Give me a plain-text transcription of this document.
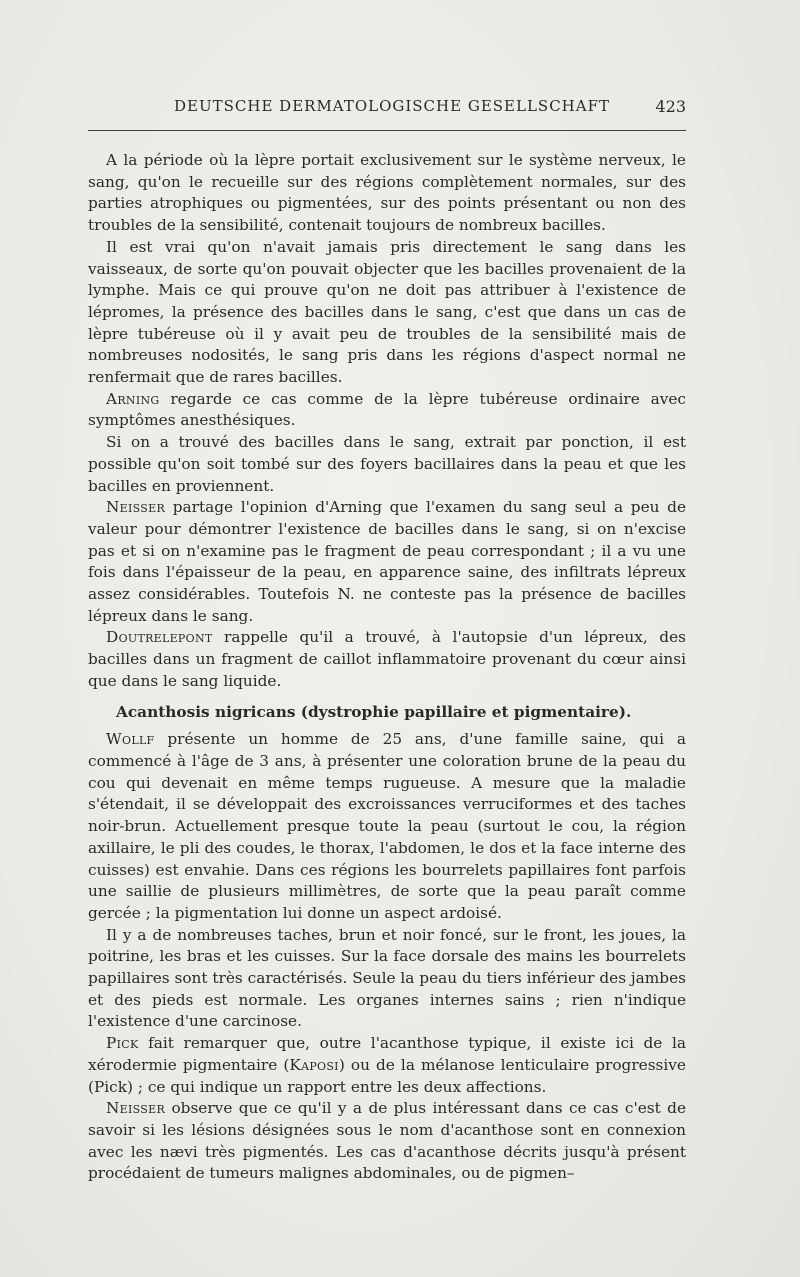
DEUTSCHE DERMATOLOGISCHE GESELLSCHAFT	423

A la période où la lèpre portait exclusivement sur le système nerveux, le sang, qu'on le recueille sur des régions complètement normales, sur des parties atrophiques ou pigmentées, sur des points présentant ou non des troubles de la sensibilité, contenait toujours de nombreux bacilles.

Il est vrai qu'on n'avait jamais pris directement le sang dans les vaisseaux, de sorte qu'on pouvait objecter que les bacilles provenaient de la lymphe. Mais ce qui prouve qu'on ne doit pas attribuer à l'existence de lépromes, la présence des bacilles dans le sang, c'est que dans un cas de lèpre tubéreuse où il y avait peu de troubles de la sensibilité mais de nombreuses nodosités, le sang pris dans les régions d'aspect normal ne renfermait que de rares bacilles.

Arning regarde ce cas comme de la lèpre tubéreuse ordinaire avec symptômes anesthésiques.

Si on a trouvé des bacilles dans le sang, extrait par ponction, il est possible qu'on soit tombé sur des foyers bacillaires dans la peau et que les bacilles en proviennent.

Neisser partage l'opinion d'Arning que l'examen du sang seul a peu de valeur pour démontrer l'existence de bacilles dans le sang, si on n'excise pas et si on n'examine pas le fragment de peau correspondant ; il a vu une fois dans l'épaisseur de la peau, en apparence saine, des infiltrats lépreux assez considérables. Toutefois N. ne conteste pas la présence de bacilles lépreux dans le sang.

Doutrelepont rappelle qu'il a trouvé, à l'autopsie d'un lépreux, des bacilles dans un fragment de caillot inflammatoire provenant du cœur ainsi que dans le sang liquide.

Acanthosis nigricans (dystrophie papillaire et pigmentaire).

Wollf présente un homme de 25 ans, d'une famille saine, qui a commencé à l'âge de 3 ans, à présenter une coloration brune de la peau du cou qui devenait en même temps rugueuse. A mesure que la maladie s'étendait, il se développait des excroissances verruciformes et des taches noir-brun. Actuellement presque toute la peau (surtout le cou, la région axillaire, le pli des coudes, le thorax, l'abdomen, le dos et la face interne des cuisses) est envahie. Dans ces régions les bourrelets papillaires font parfois une saillie de plusieurs millimètres, de sorte que la peau paraît comme gercée ; la pigmentation lui donne un aspect ardoisé.

Il y a de nombreuses taches, brun et noir foncé, sur le front, les joues, la poitrine, les bras et les cuisses. Sur la face dorsale des mains les bourrelets papillaires sont très caractérisés. Seule la peau du tiers inférieur des jambes et des pieds est normale. Les organes internes sains ; rien n'indique l'existence d'une carcinose.

Pick fait remarquer que, outre l'acanthose typique, il existe ici de la xérodermie pigmentaire (Kaposi) ou de la mélanose lenticulaire progressive (Pick) ; ce qui indique un rapport entre les deux affections.

Neisser observe que ce qu'il y a de plus intéressant dans ce cas c'est de savoir si les lésions désignées sous le nom d'acanthose sont en connexion avec les nævi très pigmentés. Les cas d'acanthose décrits jusqu'à présent procédaient de tumeurs malignes abdominales, ou de pigmen–
